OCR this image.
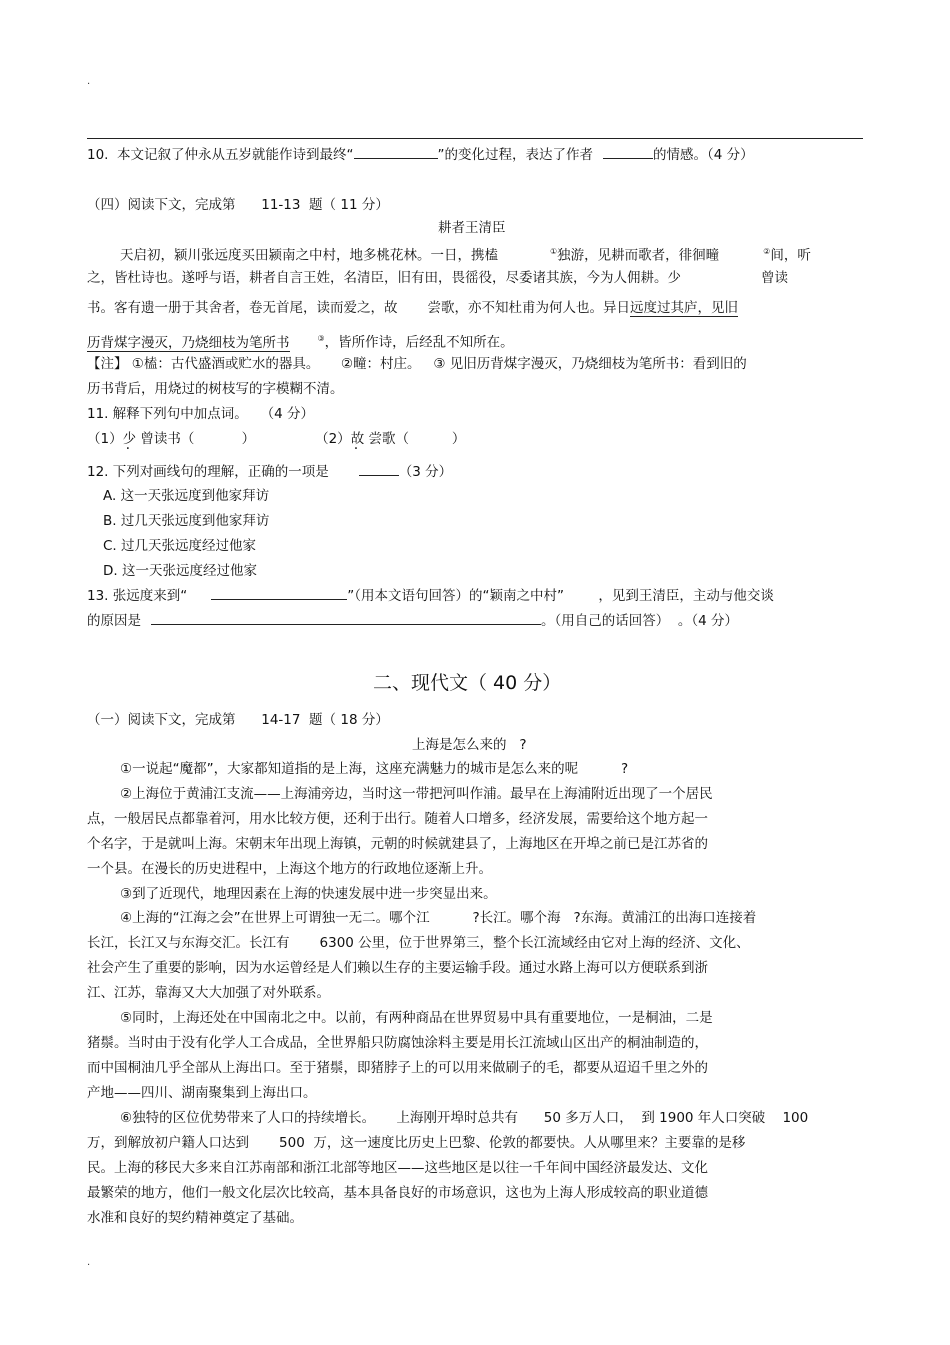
.
10.  本文记叙了仲永从五岁就能作诗到最终“	”的变化过程，表达了作者	的情感。（4 分）
（四）阅读下文，完成第      11-13  题（ 11 分）
耕者王清臣
天启初，颍川张远度买田颍南之中村，地多桃花林。一日，携榼	①独游，见耕而歌者，徘徊疃	②间，听
之，皆杜诗也。遂呼与语，耕者自言王姓，名清臣，旧有田，畏徭役，尽委诸其族，今为人佣耕。少	曾读
书。客有遗一册于其舍者，卷无首尾，读而爱之，故 尝歌，亦不知杜甫为何人也。异日远度过其庐，见旧
历背煤字漫灭，乃烧细枝为笔所书	③，皆所作诗，后经乱不知所在。
【注】 ①榼：古代盛酒或贮水的器具。     ②疃：村庄。   ③ 见旧历背煤字漫灭，乃烧细枝为笔所书：看到旧的
历书背后，用烧过的树枝写的字模糊不清。
11. 解释下列句中加点词。   （4 分）
（1）少 曾读书（           ）	（2）故 尝歌（          ）
12. 下列对画线句的理解，正确的一项是	（3 分）
A. 这一天张远度到他家拜访
B. 过几天张远度到他家拜访
C. 过几天张远度经过他家
D. 这一天张远度经过他家
13. 张远度来到“	”（用本文语句回答）的“颖南之中村”        ，见到王清臣，主动与他交谈
的原因是	。（用自己的话回答）  。（4 分）
二、现代文（ 40 分）
（一）阅读下文，完成第      14-17  题（ 18 分）
上海是怎么来的   ?
①一说起“魔都”，大家都知道指的是上海，这座充满魅力的城市是怎么来的呢          ?
②上海位于黄浦江支流——上海浦旁边，当时这一带把河叫作浦。最早在上海浦附近出现了一个居民
点，一般居民点都靠着河，用水比较方便，还利于出行。随着人口增多，经济发展，需要给这个地方起一
个名字，于是就叫上海。宋朝末年出现上海镇，元朝的时候就建县了，上海地区在开埠之前已是江苏省的
一个县。在漫长的历史进程中，上海这个地方的行政地位逐渐上升。
③到了近现代，地理因素在上海的快速发展中进一步突显出来。
④上海的“江海之会”在世界上可谓独一无二。哪个江          ?长江。哪个海   ?东海。黄浦江的出海口连接着
长江，长江又与东海交汇。长江有       6300 公里，位于世界第三，整个长江流域经由它对上海的经济、文化、
社会产生了重要的影响，因为水运曾经是人们赖以生存的主要运输手段。通过水路上海可以方便联系到浙
江、江苏，靠海又大大加强了对外联系。
⑤同时，上海还处在中国南北之中。以前，有两种商品在世界贸易中具有重要地位，一是桐油，二是
猪鬃。当时由于没有化学人工合成品，全世界船只防腐蚀涂料主要是用长江流域山区出产的桐油制造的，
而中国桐油几乎全部从上海出口。至于猪鬃，即猪脖子上的可以用来做刷子的毛，都要从迢迢千里之外的
产地——四川、湖南聚集到上海出口。
⑥独特的区位优势带来了人口的持续增长。     上海刚开埠时总共有      50 多万人口，  到 1900 年人口突破    100
万，到解放初户籍人口达到       500  万，这一速度比历史上巴黎、伦敦的都要快。人从哪里来？主要靠的是移
民。上海的移民大多来自江苏南部和浙江北部等地区——这些地区是以往一千年间中国经济最发达、文化
最繁荣的地方，他们一般文化层次比较高，基本具备良好的市场意识，这也为上海人形成较高的职业道德
水准和良好的契约精神奠定了基础。
.
